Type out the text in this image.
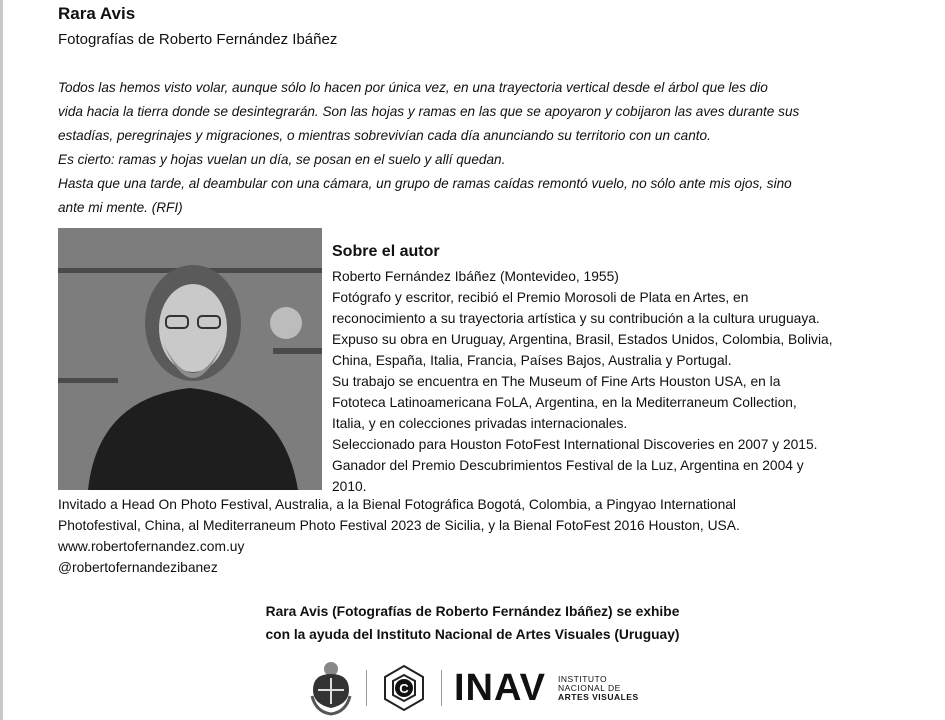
Rara Avis
Fotografías de Roberto Fernández Ibáñez
Todos las hemos visto volar, aunque sólo lo hacen por única vez, en una trayectoria vertical desde el árbol que les dio
vida hacia la tierra donde se desintegrarán. Son las hojas y ramas en las que se apoyaron y cobijaron las aves durante sus
estadías, peregrinajes y migraciones, o mientras sobrevivían cada día anunciando su territorio con un canto.
Es cierto: ramas y hojas vuelan un día, se posan en el suelo y allí quedan.
Hasta que una tarde, al deambular con una cámara, un grupo de ramas caídas remontó vuelo, no sólo ante mis ojos, sino
ante mi mente. (RFI)
Sobre el autor
Roberto Fernández Ibáñez (Montevideo, 1955)
Fotógrafo y escritor, recibió el Premio Morosoli de Plata en Artes, en
reconocimiento a su trayectoria artística y su contribución a la cultura uruguaya.
Expuso su obra en Uruguay, Argentina, Brasil, Estados Unidos, Colombia, Bolivia,
China, España, Italia, Francia, Países Bajos, Australia y Portugal.
Su trabajo se encuentra en The Museum of Fine Arts Houston USA, en la
Fototeca Latinoamericana FoLA, Argentina, en la Mediterraneum Collection,
Italia, y en colecciones privadas internacionales.
Seleccionado para Houston FotoFest International Discoveries en 2007 y 2015.
Ganador del Premio Descubrimientos Festival de la Luz, Argentina en 2004 y
2010.
Invitado a Head On Photo Festival, Australia, a la Bienal Fotográfica Bogotá, Colombia, a Pingyao International
Photofestival, China, al Mediterraneum Photo Festival 2023 de Sicilia, y la Bienal FotoFest 2016 Houston, USA.
www.robertofernandez.com.uy
@robertofernandezibanez
Rara Avis (Fotografías de Roberto Fernández Ibáñez) se exhibe
con la ayuda del Instituto Nacional de Artes Visuales (Uruguay)
C INAV INSTITUTO
NACIONAL DE
ARTES VISUALES
